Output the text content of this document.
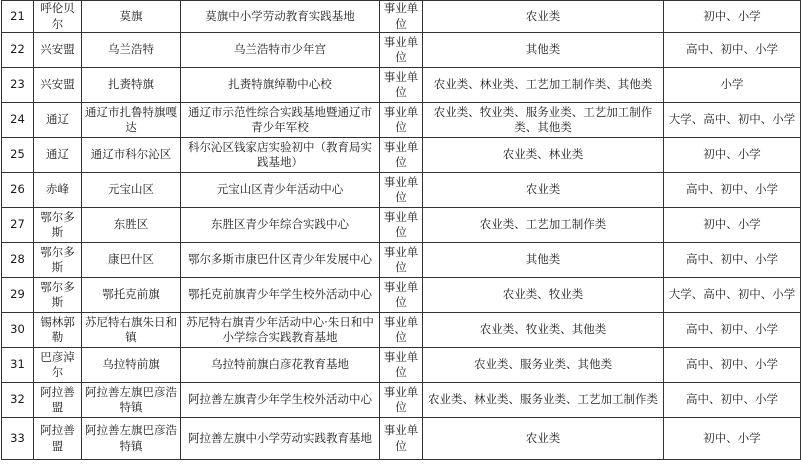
21	呼伦贝尔	莫旗	莫旗中小学劳动教育实践基地	事业单位	农业类	初中、小学
22	兴安盟	乌兰浩特	乌兰浩特市少年宫	事业单位	其他类	高中、初中、小学
23	兴安盟	扎赉特旗	扎赉特旗绰勒中心校	事业单位	农业类、林业类、工艺加工制作类、其他类	小学
24	通辽	通辽市扎鲁特旗嘎达	通辽市示范性综合实践基地暨通辽市青少年军校	事业单位	农业类、牧业类、服务业类、工艺加工制作类、其他类	大学、高中、初中、小学
25	通辽	通辽市科尔沁区	科尔沁区钱家店实验初中（教育局实践基地）	事业单位	农业类、林业类	初中、小学
26	赤峰	元宝山区	元宝山区青少年活动中心	事业单位	农业类	高中、初中、小学
27	鄂尔多斯	东胜区	东胜区青少年综合实践中心	事业单位	农业类、工艺加工制作类	初中、小学
28	鄂尔多斯	康巴什区	鄂尔多斯市康巴什区青少年发展中心	事业单位	其他类	高中、初中、小学
29	鄂尔多斯	鄂托克前旗	鄂托克前旗青少年学生校外活动中心	事业单位	农业类、牧业类	大学、高中、初中、小学
30	锡林郭勒	苏尼特右旗朱日和镇	苏尼特右旗青少年活动中心·朱日和中小学综合实践教育基地	事业单位	农业类、牧业类、其他类	高中、初中、小学
31	巴彦淖尔	乌拉特前旗	乌拉特前旗白彦花教育基地	事业单位	农业类、服务业类、其他类	高中、初中、小学
32	阿拉善盟	阿拉善左旗巴彦浩特镇	阿拉善左旗青少年学生校外活动中心	事业单位	农业类、林业类、服务业类、工艺加工制作类	高中、初中、小学
33	阿拉善盟	阿拉善左旗巴彦浩特镇	阿拉善左旗中小学劳动实践教育基地	事业单位	农业类	初中、小学
